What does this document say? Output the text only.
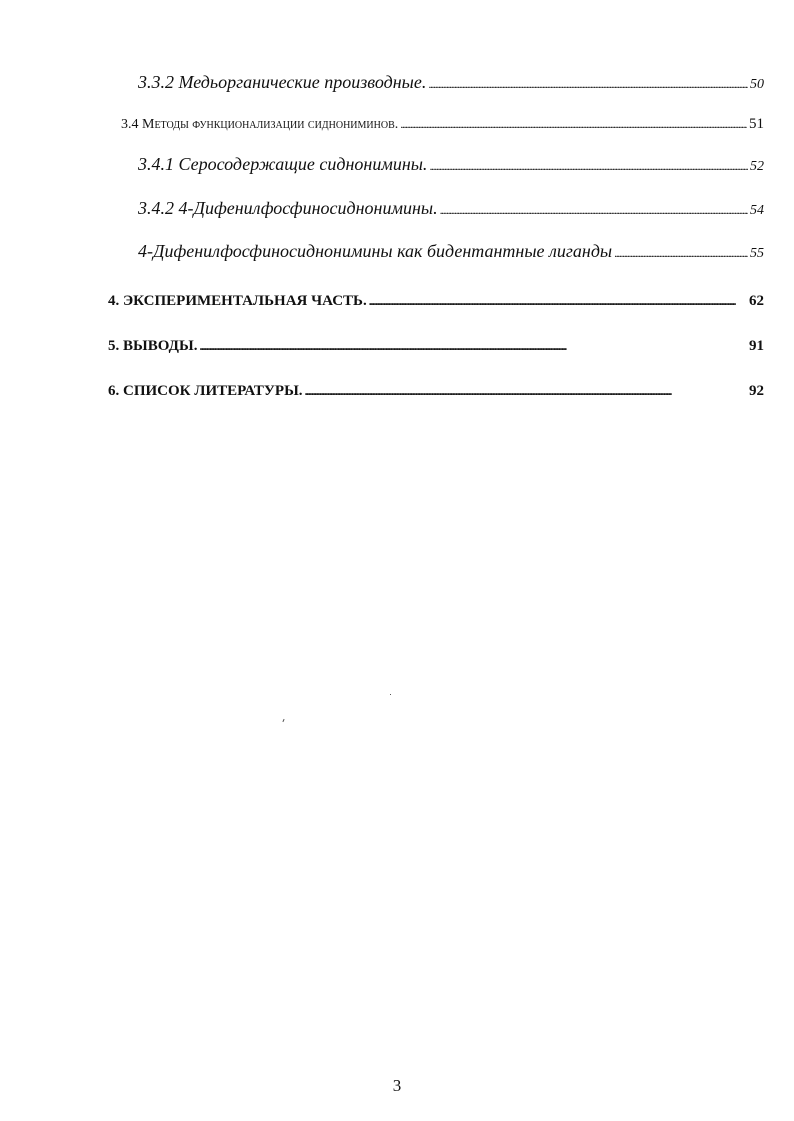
3.3.2 Медьорганические производные. . . .	50
3.4 Методы функционализации сиднониминов. . . .	51
3.4.1 Серосодержащие сиднонимины. . . .	52
3.4.2 4-Дифенилфосфиносиднонимины. . . .	54
4-Дифенилфосфиносиднонимины как бидентантные лиганды . . .	55
4. ЭКСПЕРИМЕНТАЛЬНАЯ ЧАСТЬ. . . .	62
5. ВЫВОДЫ. . . .	91
6. СПИСОК ЛИТЕРАТУРЫ. . . .	92
3
